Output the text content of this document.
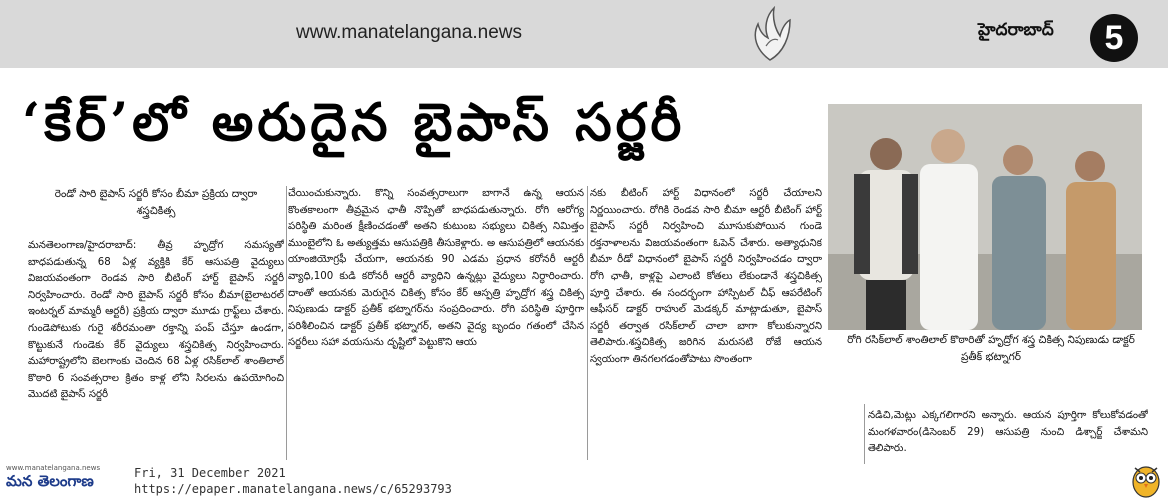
www.manatelangana.news	హైదరాబాద్	5
‘కేర్’లో అరుదైన బైపాస్ సర్జరీ
రోగి రసిక్‌లాల్ శాంతిలాల్ కొఠారితో హృద్రోగ శస్త్ర చికిత్స నిపుణుడు డాక్టర్ ప్రతీక్ భట్నాగర్
రెండో సారి బైపాస్ సర్జరీ కోసం బీమా ప్రక్రియ ద్వారా శస్త్రచికిత్స

మనతెలంగాణ/హైదరాబాద్: తీవ్ర హృద్రోగ సమస్యతో బాధపడుతున్న 68 ఏళ్ల వ్యక్తికి కేర్ ఆసుపత్రి వైద్యులు విజయవంతంగా రెండవ సారి బీటింగ్ హార్ట్ బైపాస్ సర్జరీ నిర్వహించారు. రెండో సారి బైపాస్ సర్జరీ కోసం బీమా(బైలాటరల్ ఇంటర్నల్ మామ్మరీ ఆర్టరీ) ప్రక్రియ ద్వారా మూడు గ్రాఫ్ట్‌లు చేశారు. గుండెపోటుకు గురై శరీరమంతా రక్తాన్ని పంప్ చేస్తూ ఉండగా, కొట్టుకునే గుండెకు కేర్ వైద్యులు శస్త్రచికిత్స నిర్వహించారు. మహారాష్ట్రలోని బెలగాంకు చెందిన 68 ఏళ్ల రసిక్‌లాల్ శాంతిలాల్ కొఠారి 6 సంవత్సరాల క్రితం కాళ్ల లోని సిరలను ఉపయోగించి మొదటి బైపాస్ సర్జరీ

చేయించుకున్నారు. కొన్ని సంవత్సరాలుగా బాగానే ఉన్న ఆయన కొంతకాలంగా తీవ్రమైన ఛాతీ నొప్పితో బాధపడుతున్నారు. రోగి ఆరోగ్య పరిస్థితి మరింత క్షీణించడంతో అతని కుటుంబ సభ్యులు చికిత్స నిమిత్తం ముంబైలోని ఓ అత్యుత్తమ ఆసుపత్రికి తీసుకెళ్లారు. అ ఆసుపత్రిలో ఆయనకు యాంజియోగ్రఫీ చేయగా, ఆయనకు 90 ఎడమ ప్రధాన కరోనరీ ఆర్టరీ వ్యాధి,100 కుడి కరోనరీ ఆర్టరీ వ్యాధిని ఉన్నట్లు వైద్యులు నిర్ధారించారు. దాంతో ఆయనకు మెరుగైన చికిత్స కోసం కేర్ ఆస్పత్రి హృద్రోగ శస్త్ర చికిత్స నిపుణుడు డాక్టర్ ప్రతీక్ భట్నాగర్‌ను సంప్రదించారు. రోగి పరిస్థితి పూర్తిగా పరిశీలించిన డాక్టర్ ప్రతీక్ భట్నాగర్, అతని వైద్య బృందం గతంలో చేసిన సర్జరీలు సహా వయసును దృష్టిలో పెట్టుకొని ఆయ

నకు బీటింగ్ హార్ట్ విధానంలో సర్జరీ చేయాలని నిర్ణయించారు. రోగికి రెండవ సారి బీమా ఆర్టరీ బీటింగ్ హార్ట్ బైపాస్ సర్జరీ నిర్వహించి మూసుకుపోయిన గుండె రక్తనాళాలను విజయవంతంగా ఓపెన్ చేశారు. అత్యాధునిక బీమా రీడో విధానంలో బైపాస్ సర్జరీ నిర్వహించడం ద్వారా రోగి ఛాతీ, కాళ్లపై ఎలాంటి కోతలు లేకుండానే శస్త్రచికిత్స పూర్తి చేశారు. ఈ సందర్భంగా హాస్పిటల్ చీఫ్ ఆపరేటింగ్ ఆఫీసర్ డాక్టర్ రాహుల్ మెడక్కర్ మాట్లాడుతూ, బైపాస్ సర్జరీ తర్వాత రసిక్‌లాల్ చాలా బాగా కోలుకున్నారని తెలిపారు.శస్త్రచికిత్స జరిగిన మరుసటి రోజే ఆయన స్వయంగా తినగలగడంతోపాటు సొంతంగా

నడిచి,మెట్లు ఎక్కగలిగారని అన్నారు. ఆయన పూర్తిగా కోలుకోవడంతో మంగళవారం(డిసెంబర్ 29) ఆసుపత్రి నుంచి డిశ్చార్జ్ చేశామని తెలిపారు.

www.manatelangana.news
మన తెలంగాణ	Fri, 31 December 2021
https://epaper.manatelangana.news/c/65293793
